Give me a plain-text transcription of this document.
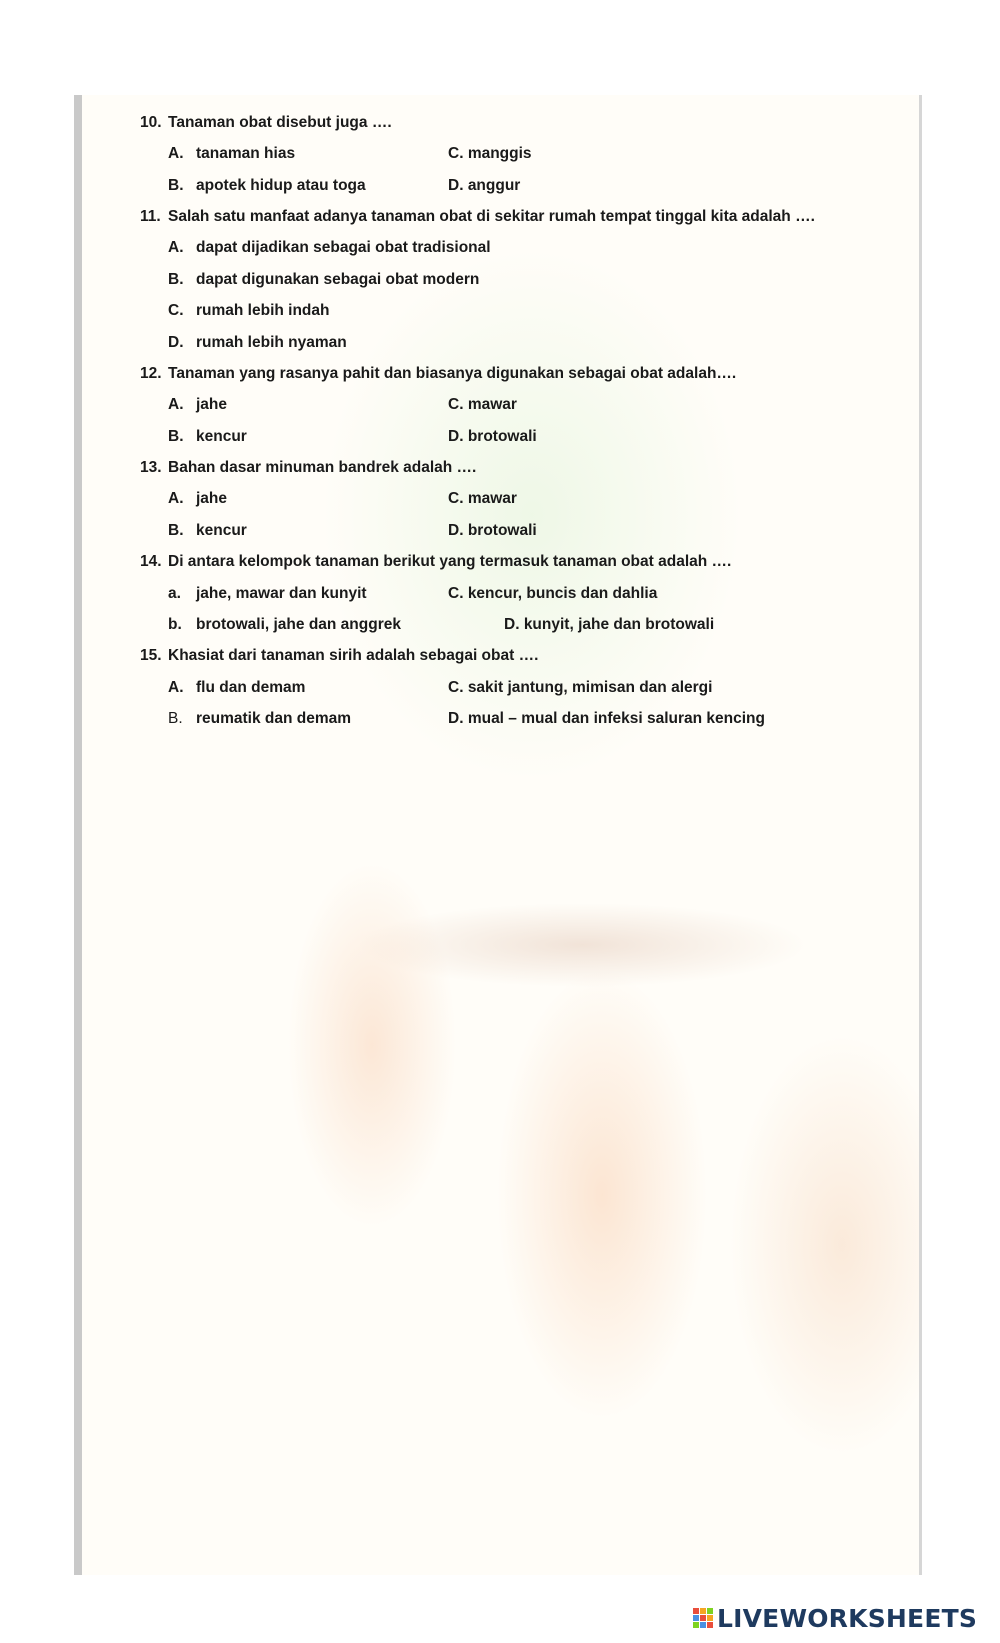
10. Tanaman obat disebut juga ….
A. tanaman hias	C. manggis
B. apotek hidup atau toga	D. anggur
11. Salah satu manfaat adanya tanaman obat di sekitar rumah tempat tinggal kita adalah ….
A. dapat dijadikan sebagai obat tradisional
B. dapat digunakan sebagai obat modern
C. rumah lebih indah
D. rumah lebih nyaman
12. Tanaman yang rasanya pahit dan biasanya digunakan sebagai obat adalah….
A. jahe	C. mawar
B. kencur	D. brotowali
13. Bahan dasar minuman bandrek adalah ….
A. jahe	C. mawar
B. kencur	D. brotowali
14. Di antara kelompok tanaman berikut yang termasuk tanaman obat adalah ….
a. jahe, mawar dan kunyit	C. kencur, buncis dan dahlia
b. brotowali, jahe dan anggrek	D. kunyit, jahe dan brotowali
15. Khasiat dari tanaman sirih adalah sebagai obat ….
A. flu dan demam	C. sakit jantung, mimisan dan alergi
B. reumatik dan demam	D. mual – mual dan infeksi saluran kencing
LIVEWORKSHEETS
